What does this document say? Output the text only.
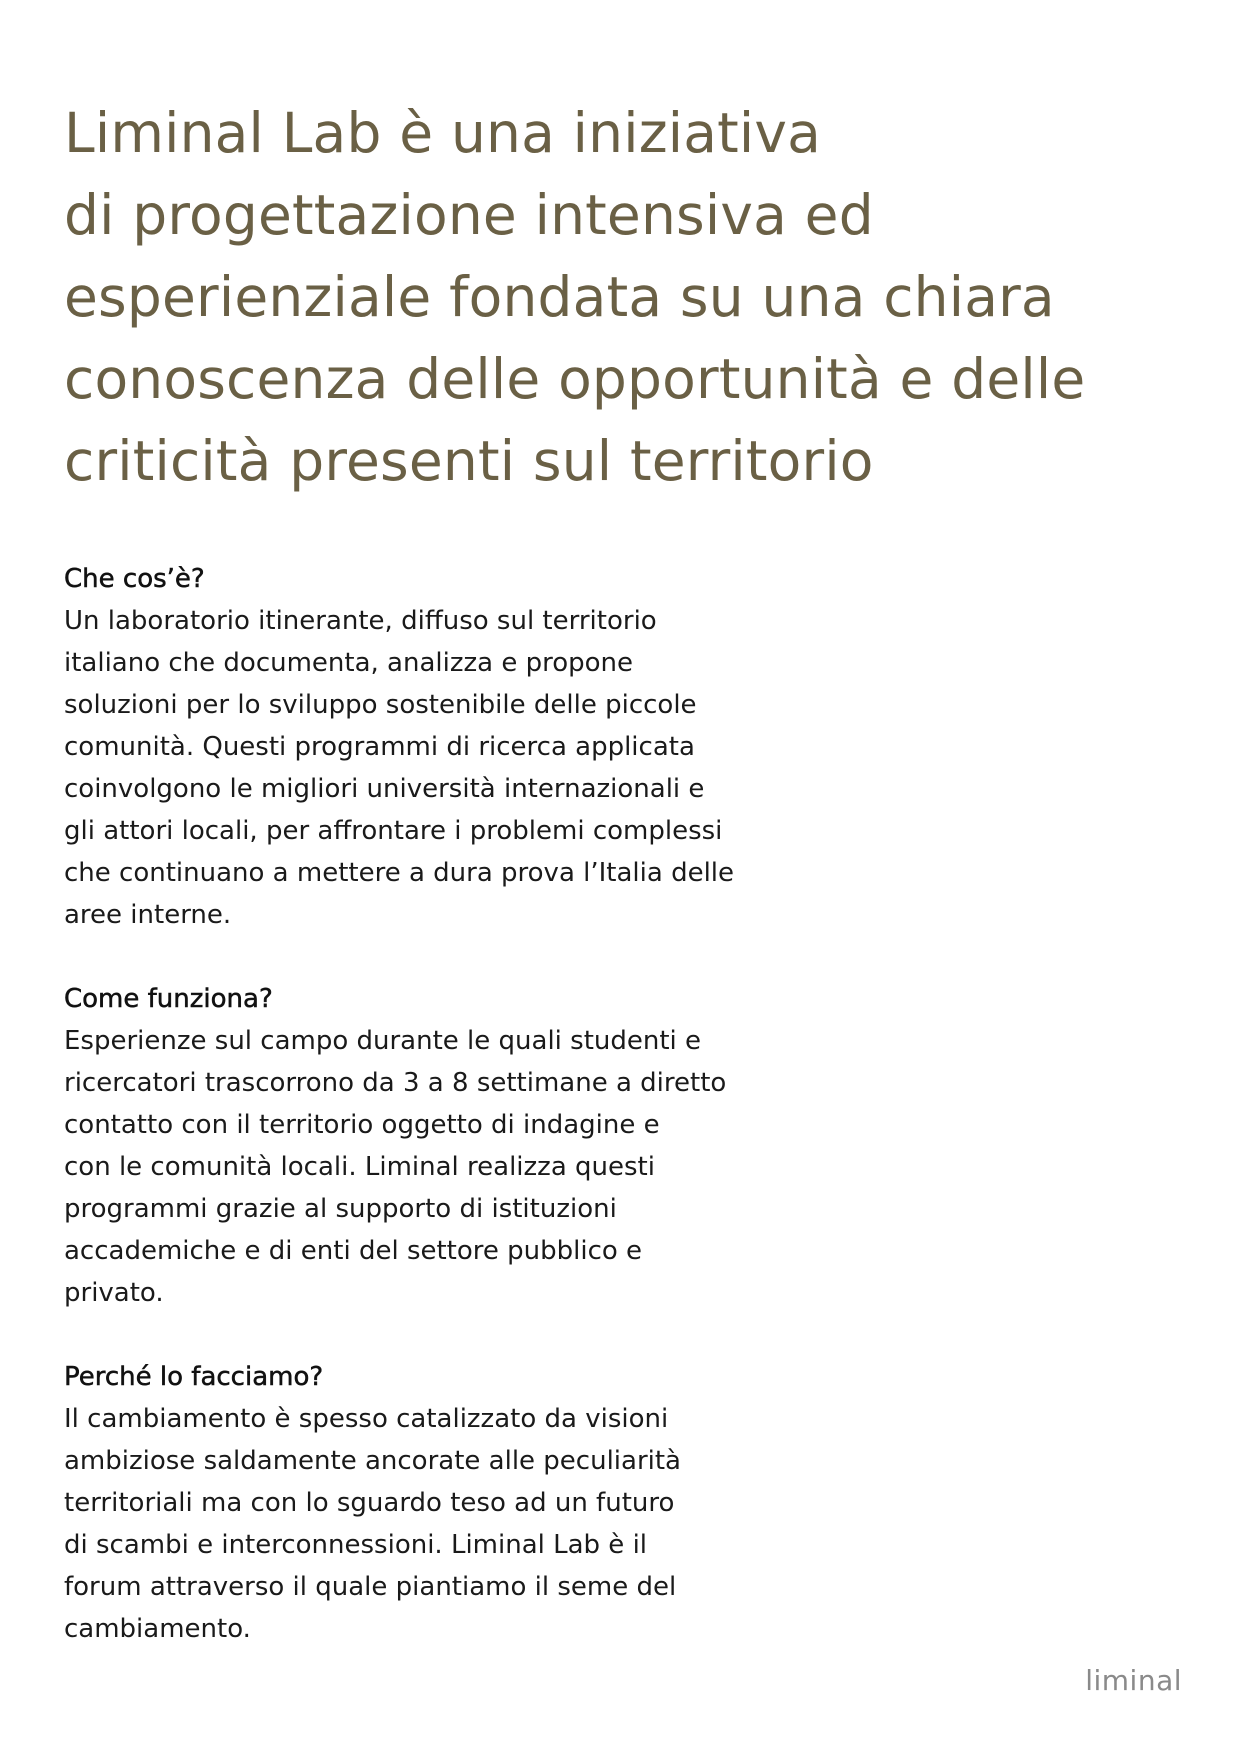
Liminal Lab è una iniziativa
di progettazione intensiva ed
esperienziale fondata su una chiara
conoscenza delle opportunità e delle
criticità presenti sul territorio
Che cos’è?

Un laboratorio itinerante, diffuso sul territorio
italiano che documenta, analizza e propone
soluzioni per lo sviluppo sostenibile delle piccole
comunità. Questi programmi di ricerca applicata
coinvolgono le migliori università internazionali e
gli attori locali, per affrontare i problemi complessi
che continuano a mettere a dura prova l’Italia delle
aree interne.

Come funziona?

Esperienze sul campo durante le quali studenti e
ricercatori trascorrono da 3 a 8 settimane a diretto
contatto con il territorio oggetto di indagine e
con le comunità locali. Liminal realizza questi
programmi grazie al supporto di istituzioni
accademiche e di enti del settore pubblico e
privato.

Perché lo facciamo?

Il cambiamento è spesso catalizzato da visioni
ambiziose saldamente ancorate alle peculiarità
territoriali ma con lo sguardo teso ad un futuro
di scambi e interconnessioni. Liminal Lab è il
forum attraverso il quale piantiamo il seme del
cambiamento.

liminal
